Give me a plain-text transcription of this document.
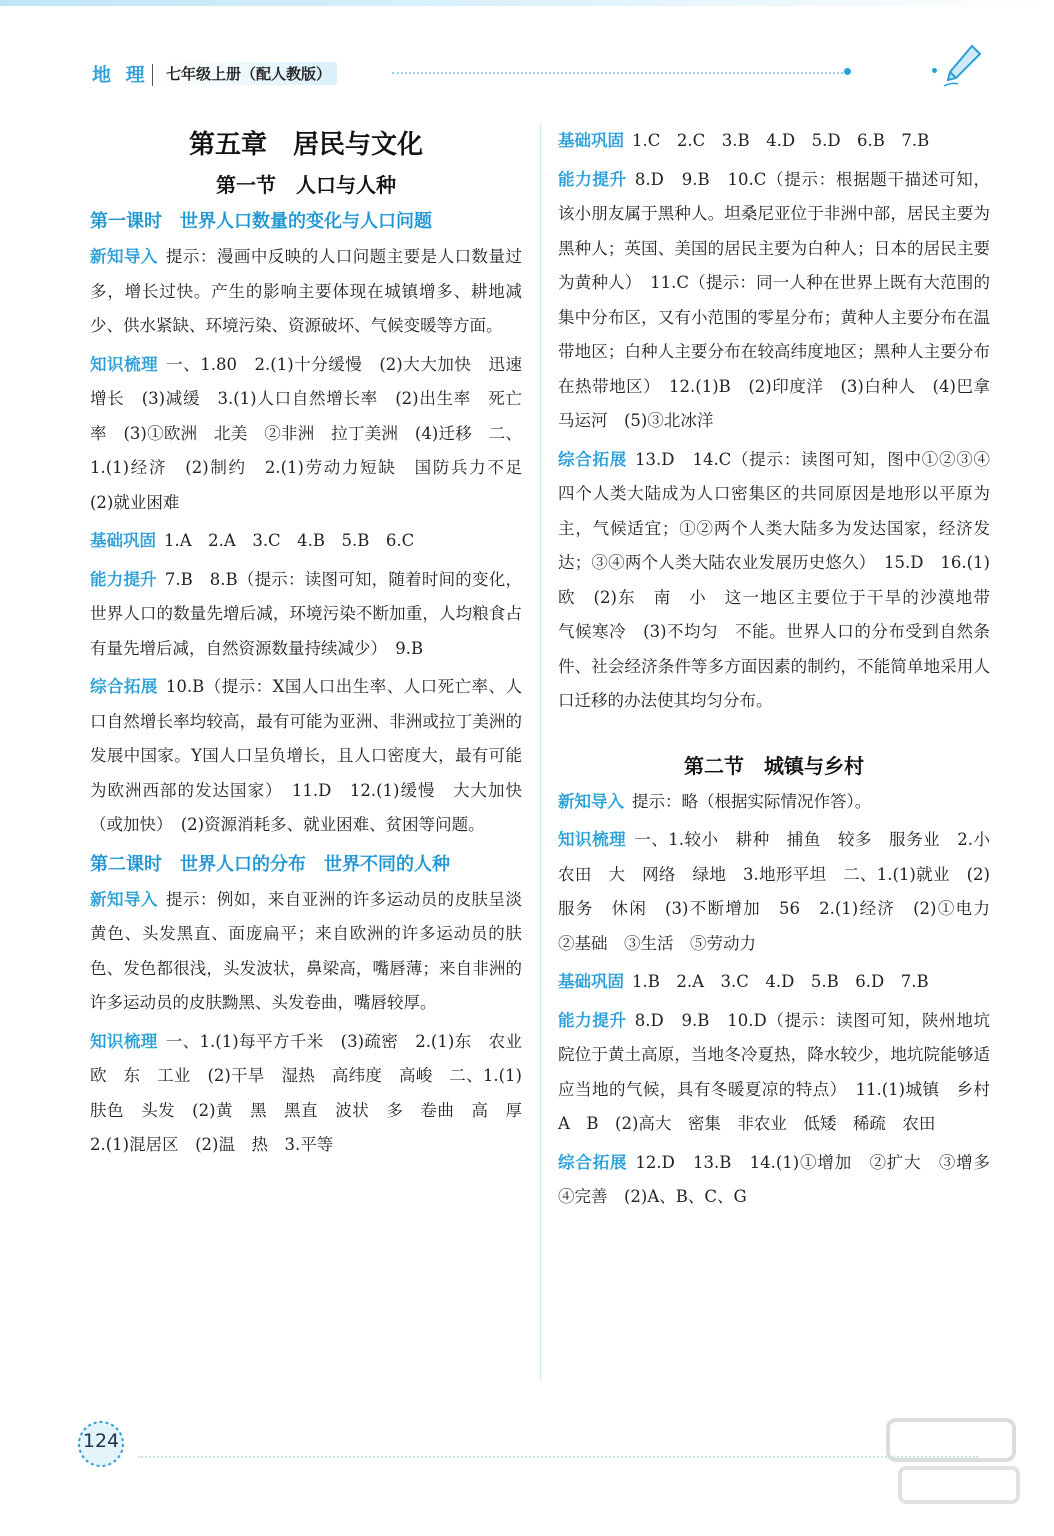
地 理	七年级上册（配人教版）
第五章　居民与文化
第一节　人口与人种
第一课时　世界人口数量的变化与人口问题

新知导入 提示：漫画中反映的人口问题主要是人口数量过多，增长过快。产生的影响主要体现在城镇增多、耕地减少、供水紧缺、环境污染、资源破坏、气候变暖等方面。

知识梳理 一、1.80　2.(1)十分缓慢　(2)大大加快　迅速增长　(3)减缓　3.(1)人口自然增长率　(2)出生率　死亡率　(3)①欧洲　北美　②非洲　拉丁美洲　(4)迁移　二、1.(1)经济　(2)制约　2.(1)劳动力短缺　国防兵力不足　(2)就业困难

基础巩固 1.A　2.A　3.C　4.B　5.B　6.C

能力提升 7.B　8.B（提示：读图可知，随着时间的变化，世界人口的数量先增后减，环境污染不断加重，人均粮食占有量先增后减，自然资源数量持续减少）　9.B

综合拓展 10.B（提示：X国人口出生率、人口死亡率、人口自然增长率均较高，最有可能为亚洲、非洲或拉丁美洲的发展中国家。Y国人口呈负增长，且人口密度大，最有可能为欧洲西部的发达国家）　11.D　12.(1)缓慢　大大加快（或加快）　(2)资源消耗多、就业困难、贫困等问题。

第二课时　世界人口的分布　世界不同的人种

新知导入 提示：例如，来自亚洲的许多运动员的皮肤呈淡黄色、头发黑直、面庞扁平；来自欧洲的许多运动员的肤色、发色都很浅，头发波状，鼻梁高，嘴唇薄；来自非洲的许多运动员的皮肤黝黑、头发卷曲，嘴唇较厚。

知识梳理 一、1.(1)每平方千米　(3)疏密　2.(1)东　农业　欧　东　工业　(2)干旱　湿热　高纬度　高峻　二、1.(1)肤色　头发　(2)黄　黑　黑直　波状　多　卷曲　高　厚　2.(1)混居区　(2)温　热　3.平等

基础巩固 1.C　2.C　3.B　4.D　5.D　6.B　7.B

能力提升 8.D　9.B　10.C（提示：根据题干描述可知，该小朋友属于黑种人。坦桑尼亚位于非洲中部，居民主要为黑种人；英国、美国的居民主要为白种人；日本的居民主要为黄种人）　11.C（提示：同一人种在世界上既有大范围的集中分布区，又有小范围的零星分布；黄种人主要分布在温带地区；白种人主要分布在较高纬度地区；黑种人主要分布在热带地区）　12.(1)B　(2)印度洋　(3)白种人　(4)巴拿马运河　(5)③北冰洋

综合拓展 13.D　14.C（提示：读图可知，图中①②③④四个人类大陆成为人口密集区的共同原因是地形以平原为主，气候适宜；①②两个人类大陆多为发达国家，经济发达；③④两个人类大陆农业发展历史悠久）　15.D　16.(1)欧　(2)东　南　小　这一地区主要位于干旱的沙漠地带　气候寒冷　(3)不均匀　不能。世界人口的分布受到自然条件、社会经济条件等多方面因素的制约，不能简单地采用人口迁移的办法使其均匀分布。

第二节　城镇与乡村

新知导入 提示：略（根据实际情况作答）。

知识梳理 一、1.较小　耕种　捕鱼　较多　服务业　2.小　农田　大　网络　绿地　3.地形平坦　二、1.(1)就业　(2)服务　休闲　(3)不断增加　56　2.(1)经济　(2)①电力　②基础　③生活　⑤劳动力

基础巩固 1.B　2.A　3.C　4.D　5.B　6.D　7.B

能力提升 8.D　9.B　10.D（提示：读图可知，陕州地坑院位于黄土高原，当地冬冷夏热，降水较少，地坑院能够适应当地的气候，具有冬暖夏凉的特点）　11.(1)城镇　乡村　A　B　(2)高大　密集　非农业　低矮　稀疏　农田

综合拓展 12.D　13.B　14.(1)①增加　②扩大　③增多　④完善　(2)A、B、C、G

124
